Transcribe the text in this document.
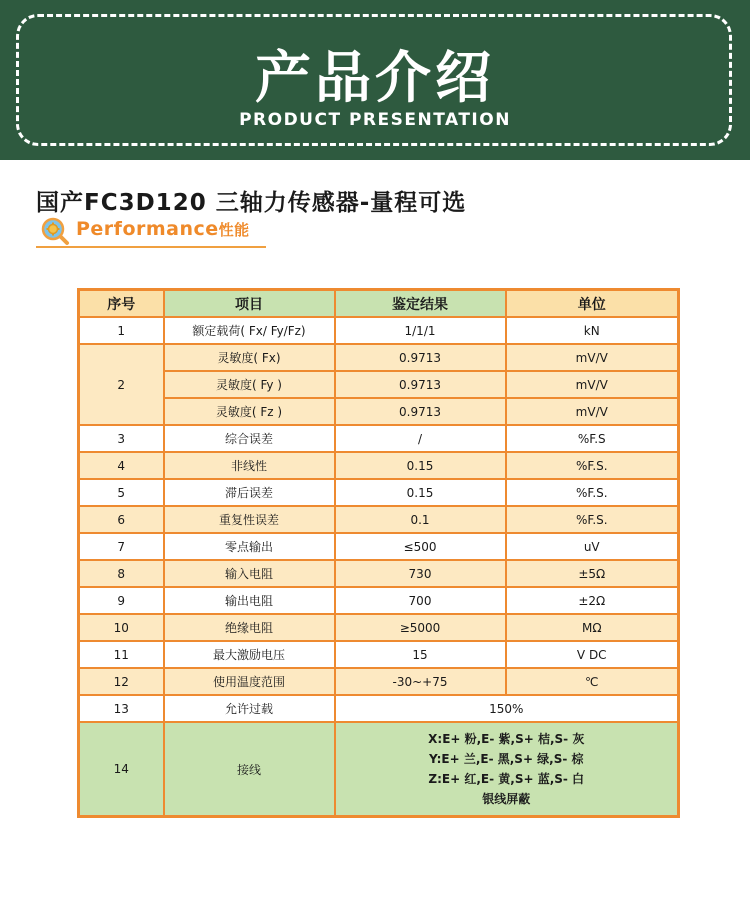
产品介绍
PRODUCT PRESENTATION
国产FC3D120 三轴力传感器-量程可选
Performance性能
序号	项目	鉴定结果	单位
1	额定载荷( Fx/ Fy/Fz)	1/1/1	kN
2	灵敏度( Fx)	0.9713	mV/V
	灵敏度( Fy )	0.9713	mV/V
	灵敏度( Fz )	0.9713	mV/V
3	综合误差	/	%F.S
4	非线性	0.15	%F.S.
5	滞后误差	0.15	%F.S.
6	重复性误差	0.1	%F.S.
7	零点输出	≤500	uV
8	输入电阻	730	±5Ω
9	输出电阻	700	±2Ω
10	绝缘电阻	≥5000	MΩ
11	最大激励电压	15	V DC
12	使用温度范围	-30~+75	℃
13	允许过载	150%	
14	接线	X:E+ 粉,E- 紫,S+ 桔,S- 灰
Y:E+ 兰,E- 黑,S+ 绿,S- 棕
Z:E+ 红,E- 黄,S+ 蓝,S- 白
银线屏蔽	
